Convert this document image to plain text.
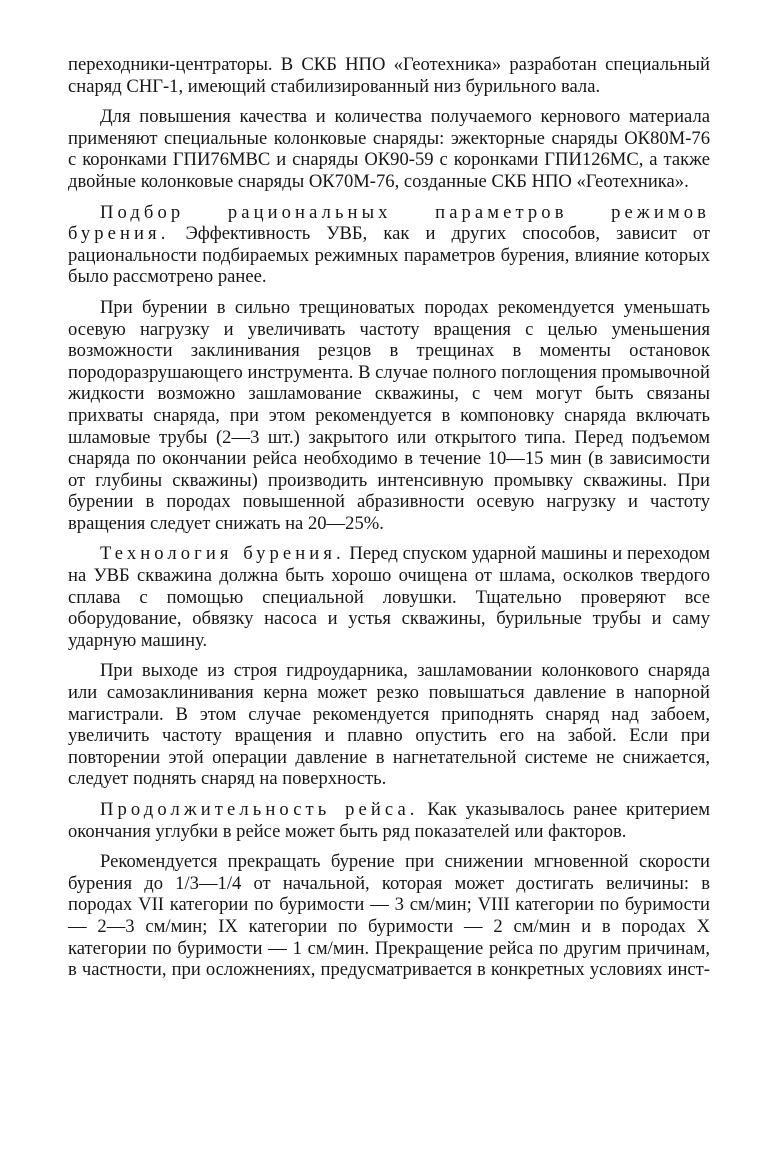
переходники-центраторы. В СКБ НПО «Геотехника» разработан специальный снаряд СНГ-1, имеющий стабилизированный низ бурильного вала.

Для повышения качества и количества получаемого кернового материала применяют специальные колонковые снаряды: эжекторные снаряды ОК80М-76 с коронками ГПИ76МВС и снаряды ОК90-59 с коронками ГПИ126МС, а также двойные колонковые снаряды ОК70М-76, созданные СКБ НПО «Геотехника».

Подбор рациональных параметров режимов бурения. Эффективность УВБ, как и других способов, зависит от рациональности подбираемых режимных параметров бурения, влияние которых было рассмотрено ранее.

При бурении в сильно трещиноватых породах рекомендуется уменьшать осевую нагрузку и увеличивать частоту вращения с целью уменьшения возможности заклинивания резцов в трещинах в моменты остановок породоразрушающего инструмента. В случае полного поглощения промывочной жидкости возможно зашламование скважины, с чем могут быть связаны прихваты снаряда, при этом рекомендуется в компоновку снаряда включать шламовые трубы (2—3 шт.) закрытого или открытого типа. Перед подъемом снаряда по окончании рейса необходимо в течение 10—15 мин (в зависимости от глубины скважины) производить интенсивную промывку скважины. При бурении в породах повышенной абразивности осевую нагрузку и частоту вращения следует снижать на 20—25%.

Технология бурения. Перед спуском ударной машины и переходом на УВБ скважина должна быть хорошо очищена от шлама, осколков твердого сплава с помощью специальной ловушки. Тщательно проверяют все оборудование, обвязку насоса и устья скважины, бурильные трубы и саму ударную машину.

При выходе из строя гидроударника, зашламовании колонкового снаряда или самозаклинивания керна может резко повышаться давление в напорной магистрали. В этом случае рекомендуется приподнять снаряд над забоем, увеличить частоту вращения и плавно опустить его на забой. Если при повторении этой операции давление в нагнетательной системе не снижается, следует поднять снаряд на поверхность.

Продолжительность рейса. Как указывалось ранее критерием окончания углубки в рейсе может быть ряд показателей или факторов.

Рекомендуется прекращать бурение при снижении мгновенной скорости бурения до 1/3—1/4 от начальной, которая может достигать величины: в породах VII категории по буримости — 3 см/мин; VIII категории по буримости — 2—3 см/мин; IX категории по буримости — 2 см/мин и в породах X категории по буримости — 1 см/мин. Прекращение рейса по другим причинам, в частности, при осложнениях, предусматривается в конкретных условиях инст-
